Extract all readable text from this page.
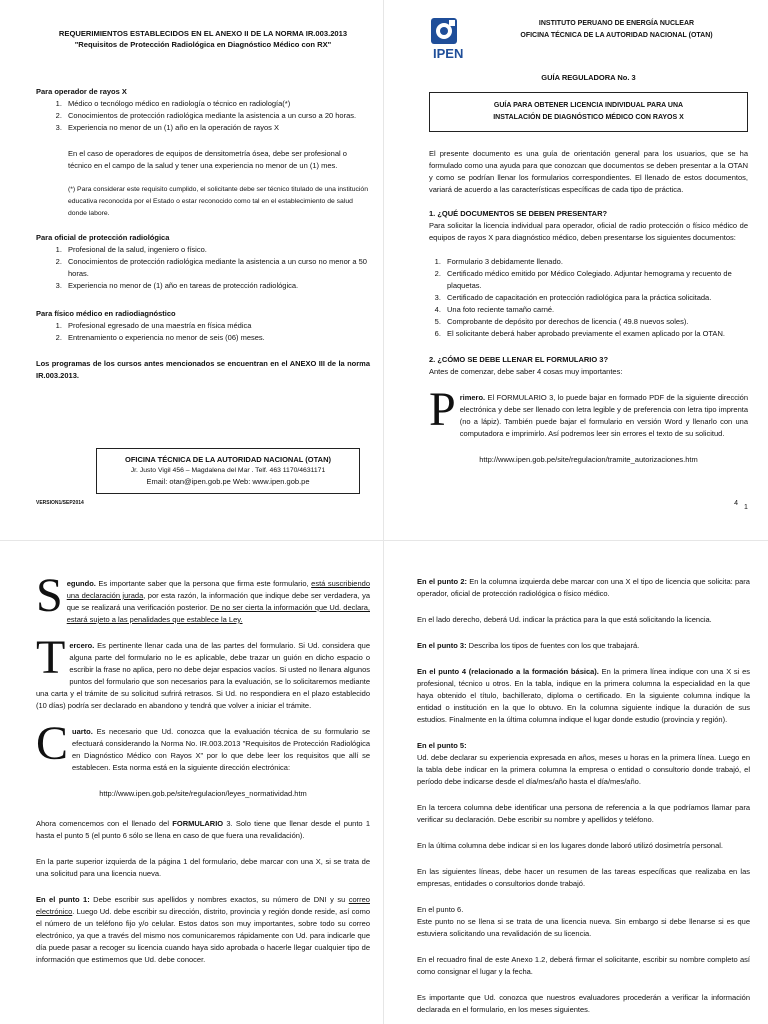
REQUERIMIENTOS ESTABLECIDOS EN EL ANEXO II DE LA NORMA IR.003.2013
"Requisitos de Protección Radiológica en Diagnóstico Médico con RX"
Para operador de rayos X
1. Médico o tecnólogo médico en radiología o técnico en radiología(*)
2. Conocimientos de protección radiológica mediante la asistencia a un curso a 20 horas.
3. Experiencia no menor de un (1) año en la operación de rayos X
En el caso de operadores de equipos de densitometría ósea, debe ser profesional o técnico en el campo de la salud y tener una experiencia no menor de un (1) mes.
(*) Para considerar este requisito cumplido, el solicitante debe ser técnico titulado de una institución educativa reconocida por el Estado o estar reconocido como tal en el establecimiento de salud donde labore.
Para oficial de protección radiológica
1. Profesional de la salud, ingeniero o físico.
2. Conocimientos de protección radiológica mediante la asistencia a un curso no menor a 50 horas.
3. Experiencia no menor de (1) año en tareas de protección radiológica.
Para físico médico en radiodiagnóstico
1. Profesional egresado de una maestría en física médica
2. Entrenamiento o experiencia no menor de seis (06) meses.
Los programas de los cursos antes mencionados se encuentran en el ANEXO III de la norma IR.003.2013.
OFICINA TÉCNICA DE LA AUTORIDAD NACIONAL (OTAN)
Jr. Justo Vigil 456 – Magdalena del Mar . Telf. 463 1170/4631171
Email: otan@ipen.gob.pe Web: www.ipen.gob.pe
VERSION1/SEP2014	4
IPEN
INSTITUTO PERUANO DE ENERGÍA NUCLEAR
OFICINA TÉCNICA DE LA AUTORIDAD NACIONAL (OTAN)
GUÍA REGULADORA No. 3
GUÍA PARA OBTENER LICENCIA INDIVIDUAL PARA UNA
INSTALACIÓN DE DIAGNÓSTICO MÉDICO CON RAYOS X
El presente documento es una guía de orientación general para los usuarios, que se ha formulado como una ayuda para que conozcan que documentos se deben presentar a la OTAN y como se podrían llenar los formularios correspondientes. El llenado de estos documentos, variará de acuerdo a las características específicas de cada tipo de práctica.
1. ¿QUÉ DOCUMENTOS SE DEBEN PRESENTAR?
Para solicitar la licencia individual para operador, oficial de radio protección o físico médico de equipos de rayos X para diagnóstico médico, deben presentarse los siguientes documentos:
1. Formulario 3 debidamente llenado.
2. Certificado médico emitido por Médico Colegiado. Adjuntar hemograma y recuento de plaquetas.
3. Certificado de capacitación en protección radiológica para la práctica solicitada.
4. Una foto reciente tamaño carné.
5. Comprobante de depósito por derechos de licencia ( 49.8 nuevos soles).
6. El solicitante deberá haber aprobado previamente el examen aplicado por la OTAN.
2. ¿CÓMO SE DEBE LLENAR EL FORMULARIO 3?
Antes de comenzar, debe saber 4 cosas muy importantes:
Primero. El FORMULARIO 3, lo puede bajar en formado PDF de la siguiente dirección electrónica y debe ser llenado con letra legible y de preferencia con letra tipo imprenta (no a lápiz). También puede bajar el formulario en versión Word y llenarlo con una computadora e imprimirlo. Así podremos leer sin errores el texto de su solicitud.
http://www.ipen.gob.pe/site/regulacion/tramite_autorizaciones.htm
1
Segundo. Es importante saber que la persona que firma este formulario, está suscribiendo una declaración jurada, por esta razón, la información que indique debe ser verdadera, ya que se realizará una verificación posterior. De no ser cierta la información que Ud. declara, estará sujeto a las penalidades que establece la Ley.
Tercero. Es pertinente llenar cada una de las partes del formulario. Si Ud. considera que alguna parte del formulario no le es aplicable, debe trazar un guión en dicho espacio o escribir la frase no aplica, pero no debe dejar espacios vacíos. Si usted no llenara algunos puntos del formulario que son necesarios para la evaluación, se lo solicitaremos mediante una carta y el trámite de su solicitud sufrirá retrasos. Si Ud. no respondiera en el plazo establecido (10 días) podría ser declarado en abandono y tendrá que volver a iniciar el trámite.
Cuarto. Es necesario que Ud. conozca que la evaluación técnica de su formulario se efectuará considerando la Norma No. IR.003.2013 "Requisitos de Protección Radiológica en Diagnóstico Médico con Rayos X" por lo que debe leer los requisitos que allí se establecen. Esta norma está en la siguiente dirección electrónica:
http://www.ipen.gob.pe/site/regulacion/leyes_normatividad.htm
Ahora comencemos con el llenado del FORMULARIO 3. Solo tiene que llenar desde el punto 1 hasta el punto 5 (el punto 6 sólo se llena en caso de que fuera una revalidación).
En la parte superior izquierda de la página 1 del formulario, debe marcar con una X, si se trata de una solicitud para una licencia nueva.
En el punto 1: Debe escribir sus apellidos y nombres exactos, su número de DNI y su correo electrónico. Luego Ud. debe escribir su dirección, distrito, provincia y región donde reside, así como el número de un teléfono fijo y/o celular. Estos datos son muy importantes, sobre todo su correo electrónico, ya que a través del mismo nos comunicaremos rápidamente con Ud. para indicarle que día puede pasar a recoger su licencia cuando haya sido aprobada o hacerle llegar cualquier tipo de información que estimemos que Ud. debe conocer.
En el punto 2: En la columna izquierda debe marcar con una X el tipo de licencia que solicita: para operador, oficial de protección radiológica o físico médico.
En el lado derecho, deberá Ud. indicar la práctica para la que está solicitando la licencia.
En el punto 3: Describa los tipos de fuentes con los que trabajará.
En el punto 4 (relacionado a la formación básica). En la primera línea indique con una X si es profesional, técnico u otros. En la tabla, indique en la primera columna la especialidad en la que haya obtenido el título, bachillerato, diploma o certificado. En la siguiente columna indique la entidad o institución en la que lo obtuvo. En la columna siguiente indique la duración de sus estudios. Finalmente en la última columna indique el lugar donde estudio (provincia y región).
En el punto 5:
Ud. debe declarar su experiencia expresada en años, meses u horas en la primera línea. Luego en la tabla debe indicar en la primera columna la empresa o entidad o consultorio donde trabajó, el período debe indicarse desde el día/mes/año hasta el día/mes/año.
En la tercera columna debe identificar una persona de referencia a la que podríamos llamar para verificar su declaración. Debe escribir su nombre y apellidos y teléfono.
En la última columna debe indicar si en los lugares donde laboró utilizó dosimetría personal.
En las siguientes líneas, debe hacer un resumen de las tareas específicas que realizaba en las empresas, entidades o consultorios donde trabajó.
En el punto 6.
Este punto no se llena si se trata de una licencia nueva. Sin embargo si debe llenarse si es que estuviera solicitando una revalidación de su licencia.
En el recuadro final de este Anexo 1.2, deberá firmar el solicitante, escribir su nombre completo así como consignar el lugar y la fecha.
Es importante que Ud. conozca que nuestros evaluadores procederán a verificar la información declarada en el formulario, en los meses siguientes.
